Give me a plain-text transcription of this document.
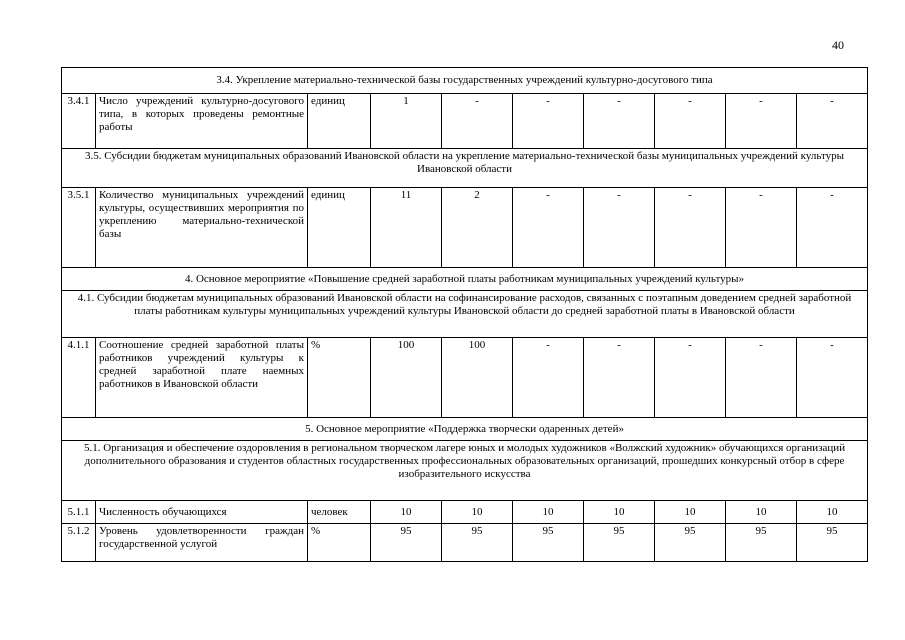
40
3.4. Укрепление материально-технической базы государственных учреждений культурно-досугового типа									
3.4.1	Число учреждений культурно-досугового типа, в которых проведены ремонтные работы	единиц	1	-	-	-	-	-	-
3.5. Субсидии бюджетам муниципальных образований Ивановской области на укрепление материально-технической базы муниципальных учреждений культуры Ивановской области									
3.5.1	Количество муниципальных учреждений культуры, осуществивших мероприятия по укреплению материально-технической базы	единиц	11	2	-	-	-	-	-
4. Основное мероприятие «Повышение средней заработной платы работникам муниципальных учреждений культуры»									
4.1. Субсидии бюджетам муниципальных образований Ивановской области на софинансирование расходов, связанных с поэтапным доведением средней заработной платы работникам культуры муниципальных учреждений культуры Ивановской области до средней заработной платы в Ивановской области									
4.1.1	Соотношение средней заработной платы работников учреждений культуры к средней заработной плате наемных работников в Ивановской области	%	100	100	-	-	-	-	-
5. Основное мероприятие «Поддержка творчески одаренных детей»									
5.1. Организация и обеспечение оздоровления в региональном творческом лагере юных и молодых художников «Волжский художник» обучающихся организаций дополнительного образования и студентов областных государственных профессиональных образовательных организаций, прошедших конкурсный отбор в сфере изобразительного искусства									
5.1.1	Численность обучающихся	человек	10	10	10	10	10	10	10
5.1.2	Уровень удовлетворенности граждан государственной услугой	%	95	95	95	95	95	95	95
